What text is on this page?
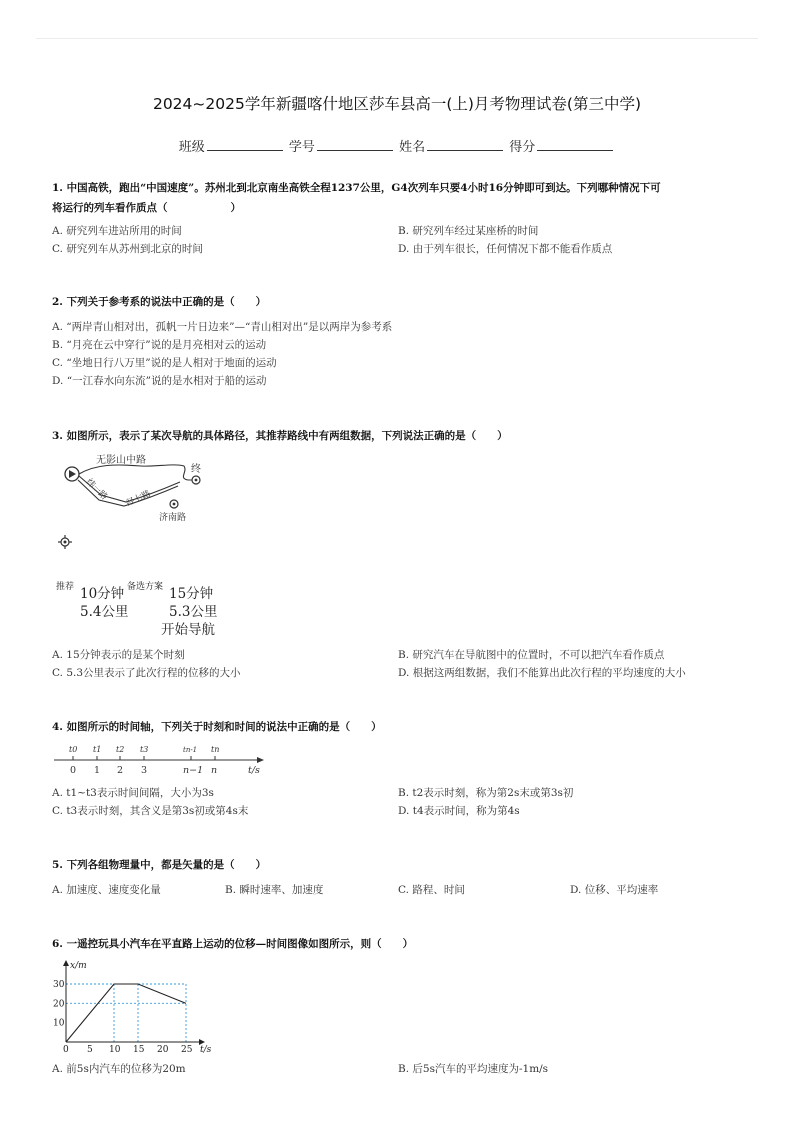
2024~2025学年新疆喀什地区莎车县高一(上)月考物理试卷(第三中学)
班级	学号	姓名	得分
1. 中国高铁，跑出“中国速度”。苏州北到北京南坐高铁全程1237公里，G4次列车只要4小时16分钟即可到达。下列哪种情况下可
将运行的列车看作质点（　　　　　　）
A. 研究列车进站所用的时间	B. 研究列车经过某座桥的时间
C. 研究列车从苏州到北京的时间	D. 由于列车很长，任何情况下都不能看作质点
2. 下列关于参考系的说法中正确的是（　　）
A. “两岸青山相对出，孤帆一片日边来”—“青山相对出”是以两岸为参考系
B. “月亮在云中穿行”说的是月亮相对云的运动
C. “坐地日行八万里”说的是人相对于地面的运动
D. “一江春水向东流”说的是水相对于船的运动
3. 如图所示，表示了某次导航的具体路径，其推荐路线中有两组数据，下列说法正确的是（　　）
无影山中路
纬一路 经七路
济南路
终
推荐 10分钟
5.4公里
备选方案 15分钟
5.3公里
开始导航
A. 15分钟表示的是某个时刻	B. 研究汽车在导航图中的位置时，不可以把汽车看作质点
C. 5.3公里表示了此次行程的位移的大小	D. 根据这两组数据，我们不能算出此次行程的平均速度的大小
4. 如图所示的时间轴，下列关于时刻和时间的说法中正确的是（　　）
t0 t1 t2 t3	tn-1 tn
0 1 2 3	n−1 n	t/s
A. t1~t3表示时间间隔，大小为3s	B. t2表示时刻，称为第2s末或第3s初
C. t3表示时刻，其含义是第3s初或第4s末	D. t4表示时间，称为第4s
5. 下列各组物理量中，都是矢量的是（　　）
A. 加速度、速度变化量	B. 瞬时速率、加速度	C. 路程、时间	D. 位移、平均速率
6. 一遥控玩具小汽车在平直路上运动的位移—时间图像如图所示，则（　　）
0 5 10 15 20 25
10
20
30
x/m
t/s
A. 前5s内汽车的位移为20m	B. 后5s汽车的平均速度为-1m/s
